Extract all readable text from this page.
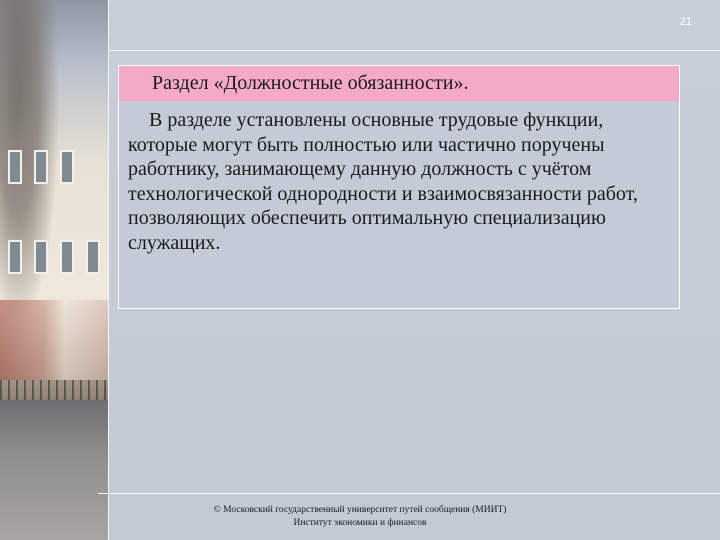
21
Раздел «Должностные обязанности».
В разделе установлены основные трудовые функции, которые могут быть полностью или частично поручены работнику, занимающему данную должность с учётом технологической однородности и взаимосвязанности работ, позволяющих обеспечить оптимальную специализацию служащих.
© Московский государственный университет путей сообщения (МИИТ)
Институт экономики и финансов
